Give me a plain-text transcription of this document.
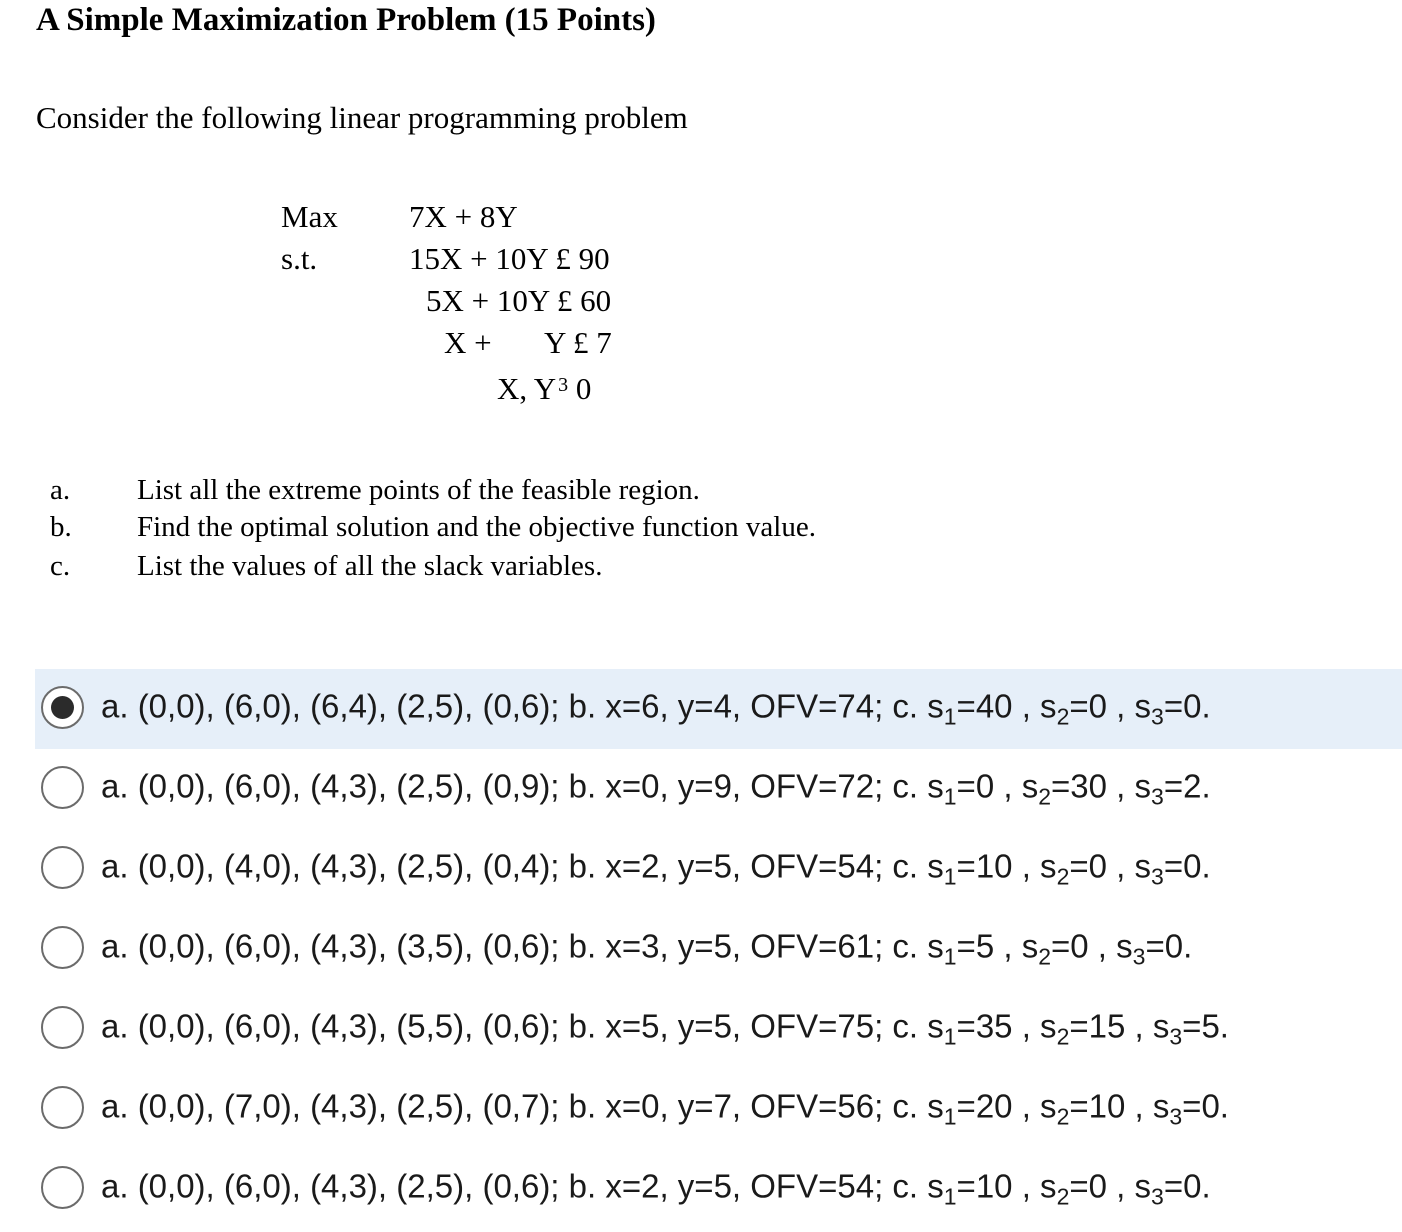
A Simple Maximization Problem (15 Points)
Consider the following linear programming problem
Max
s.t.
7X + 8Y
15X + 10Y £ 90
5X + 10Y £ 60
X + Y £ 7
X, Y $^3$ 0
a. List all the extreme points of the feasible region.
b. Find the optimal solution and the objective function value.
c. List the values of all the slack variables.
a. (0,0), (6,0), (6,4), (2,5), (0,6); b. x=6, y=4, OFV=74; c. $s_1=40$ , $s_2=0$ , $s_3=0$.
a. (0,0), (6,0), (4,3), (2,5), (0,9); b. x=0, y=9, OFV=72; c. $s_1=0$ , $s_2=30$ , $s_3=2$.
a. (0,0), (4,0), (4,3), (2,5), (0,4); b. x=2, y=5, OFV=54; c. $s_1=10$ , $s_2=0$ , $s_3=0$.
a. (0,0), (6,0), (4,3), (3,5), (0,6); b. x=3, y=5, OFV=61; c. $s_1=5$ , $s_2=0$ , $s_3=0$.
a. (0,0), (6,0), (4,3), (5,5), (0,6); b. x=5, y=5, OFV=75; c. $s_1=35$ , $s_2=15$ , $s_3=5$.
a. (0,0), (7,0), (4,3), (2,5), (0,7); b. x=0, y=7, OFV=56; c. $s_1=20$ , $s_2=10$ , $s_3=0$.
a. (0,0), (6,0), (4,3), (2,5), (0,6); b. x=2, y=5, OFV=54; c. $s_1=10$ , $s_2=0$ , $s_3=0$.
